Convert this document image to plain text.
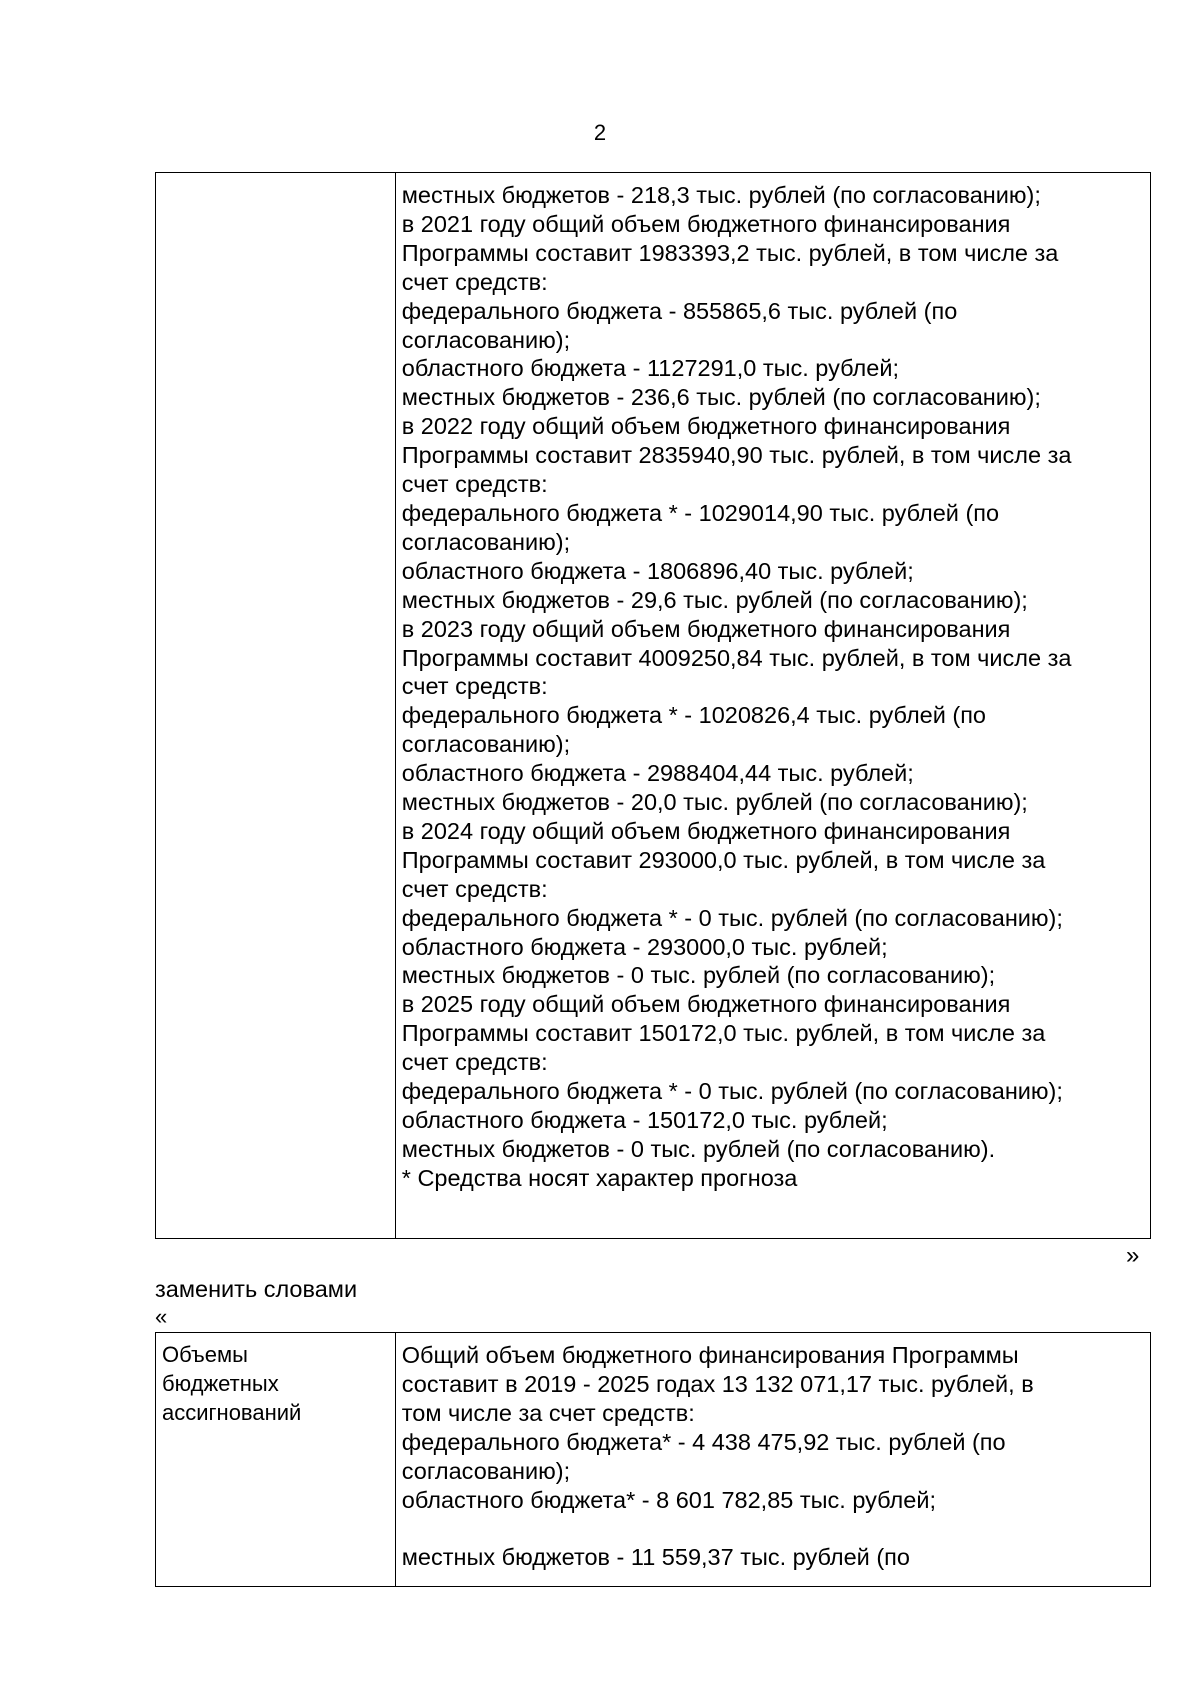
2
местных бюджетов - 218,3 тыс. рублей (по согласованию);
в 2021 году общий объем бюджетного финансирования
Программы составит 1983393,2 тыс. рублей, в том числе за
счет средств:
федерального бюджета - 855865,6 тыс. рублей (по
согласованию);
областного бюджета - 1127291,0 тыс. рублей;
местных бюджетов - 236,6 тыс. рублей (по согласованию);
в 2022 году общий объем бюджетного финансирования
Программы составит 2835940,90 тыс. рублей, в том числе за
счет средств:
федерального бюджета * - 1029014,90 тыс. рублей (по
согласованию);
областного бюджета - 1806896,40 тыс. рублей;
местных бюджетов - 29,6 тыс. рублей (по согласованию);
в 2023 году общий объем бюджетного финансирования
Программы составит 4009250,84 тыс. рублей, в том числе за
счет средств:
федерального бюджета * - 1020826,4 тыс. рублей (по
согласованию);
областного бюджета - 2988404,44 тыс. рублей;
местных бюджетов - 20,0 тыс. рублей (по согласованию);
в 2024 году общий объем бюджетного финансирования
Программы составит 293000,0 тыс. рублей, в том числе за
счет средств:
федерального бюджета * - 0 тыс. рублей (по согласованию);
областного бюджета - 293000,0 тыс. рублей;
местных бюджетов - 0 тыс. рублей (по согласованию);
в 2025 году общий объем бюджетного финансирования
Программы составит 150172,0 тыс. рублей, в том числе за
счет средств:
федерального бюджета * - 0 тыс. рублей (по согласованию);
областного бюджета - 150172,0 тыс. рублей;
местных бюджетов - 0 тыс. рублей (по согласованию).
* Средства носят характер прогноза
»
заменить словами
«
Объемы
бюджетных
ассигнований
Общий объем бюджетного финансирования Программы
составит в 2019 - 2025 годах 13 132 071,17 тыс. рублей, в
том числе за счет средств:
федерального бюджета* - 4 438 475,92 тыс. рублей (по
согласованию);
областного бюджета* - 8 601 782,85 тыс. рублей;
местных бюджетов - 11 559,37 тыс. рублей (по
